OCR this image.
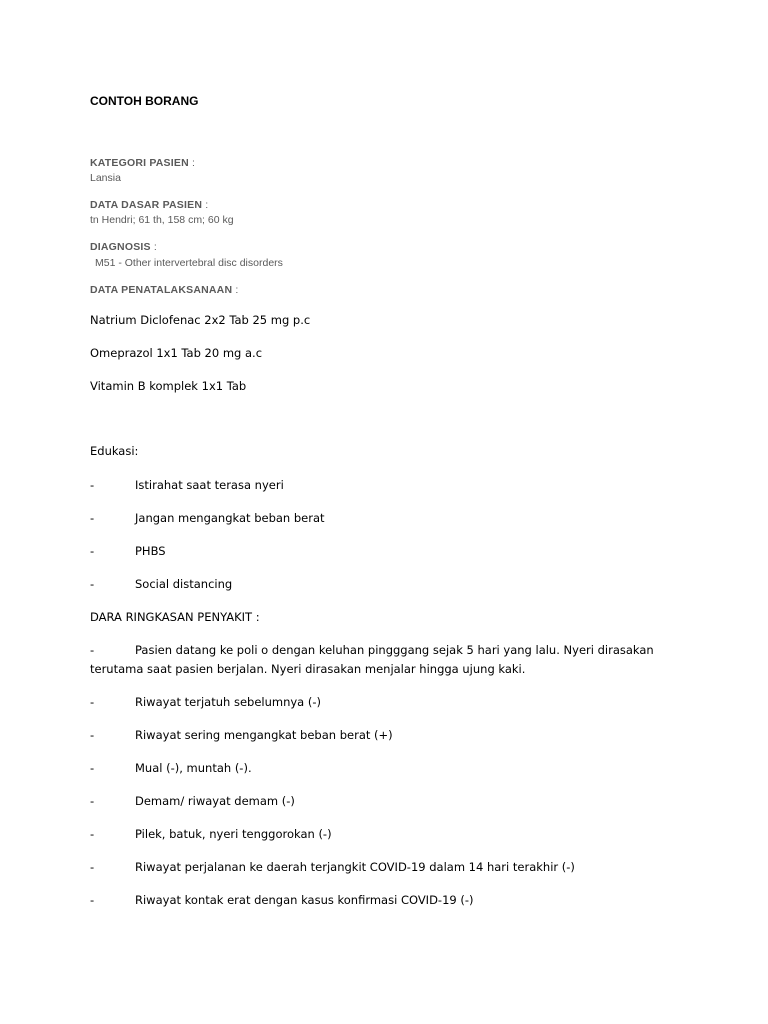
CONTOH BORANG
KATEGORI PASIEN :
Lansia
DATA DASAR PASIEN :
tn Hendri; 61 th, 158 cm; 60 kg
DIAGNOSIS :
M51 - Other intervertebral disc disorders
DATA PENATALAKSANAAN :
Natrium Diclofenac 2x2 Tab 25 mg p.c
Omeprazol 1x1 Tab 20 mg a.c
Vitamin B komplek 1x1 Tab
Edukasi:
-	Istirahat saat terasa nyeri
-	Jangan mengangkat beban berat
-	PHBS
-	Social distancing
DARA RINGKASAN PENYAKIT :
-	Pasien datang ke poli o dengan keluhan pingggang sejak 5 hari yang lalu. Nyeri dirasakan
terutama saat pasien berjalan. Nyeri dirasakan menjalar hingga ujung kaki.
-	Riwayat terjatuh sebelumnya (-)
-	Riwayat sering mengangkat beban berat (+)
-	Mual (-), muntah (-).
-	Demam/ riwayat demam (-)
-	Pilek, batuk, nyeri tenggorokan (-)
-	Riwayat perjalanan ke daerah terjangkit COVID-19 dalam 14 hari terakhir (-)
-	Riwayat kontak erat dengan kasus konfirmasi COVID-19 (-)
